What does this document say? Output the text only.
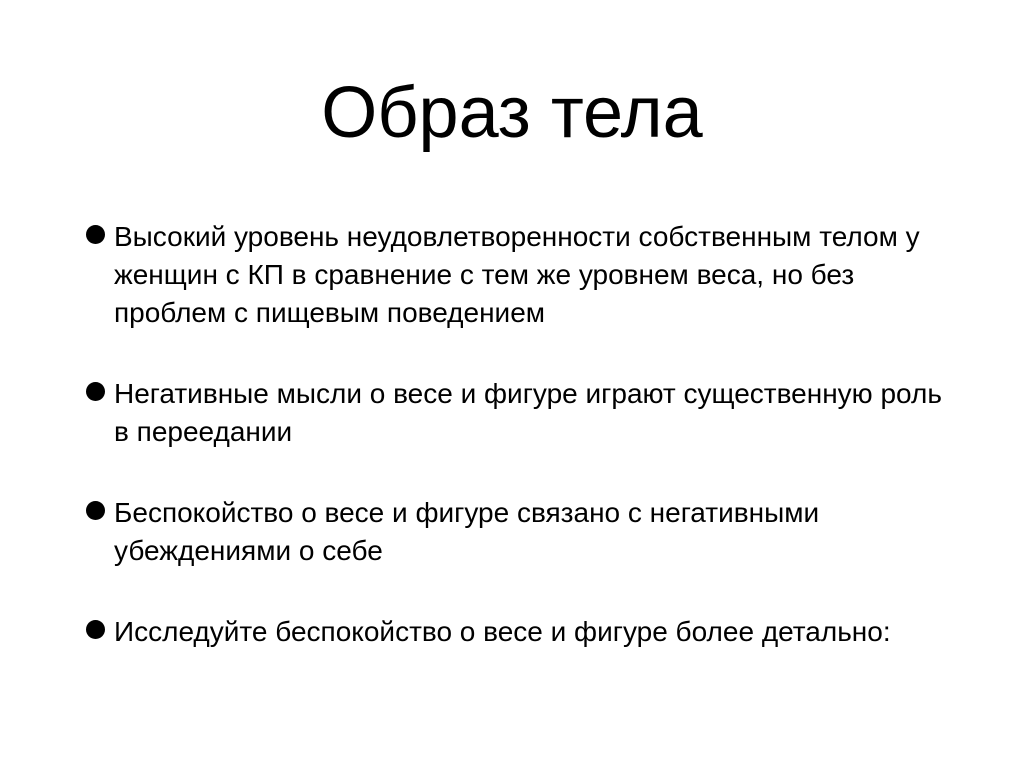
Образ тела
Высокий уровень неудовлетворенности собственным телом у женщин с КП в сравнение с тем же уровнем веса, но без проблем с пищевым поведением
Негативные мысли о весе и фигуре играют существенную роль в переедании
Беспокойство о весе и фигуре связано с негативными убеждениями о себе
Исследуйте беспокойство о весе и фигуре более детально:
